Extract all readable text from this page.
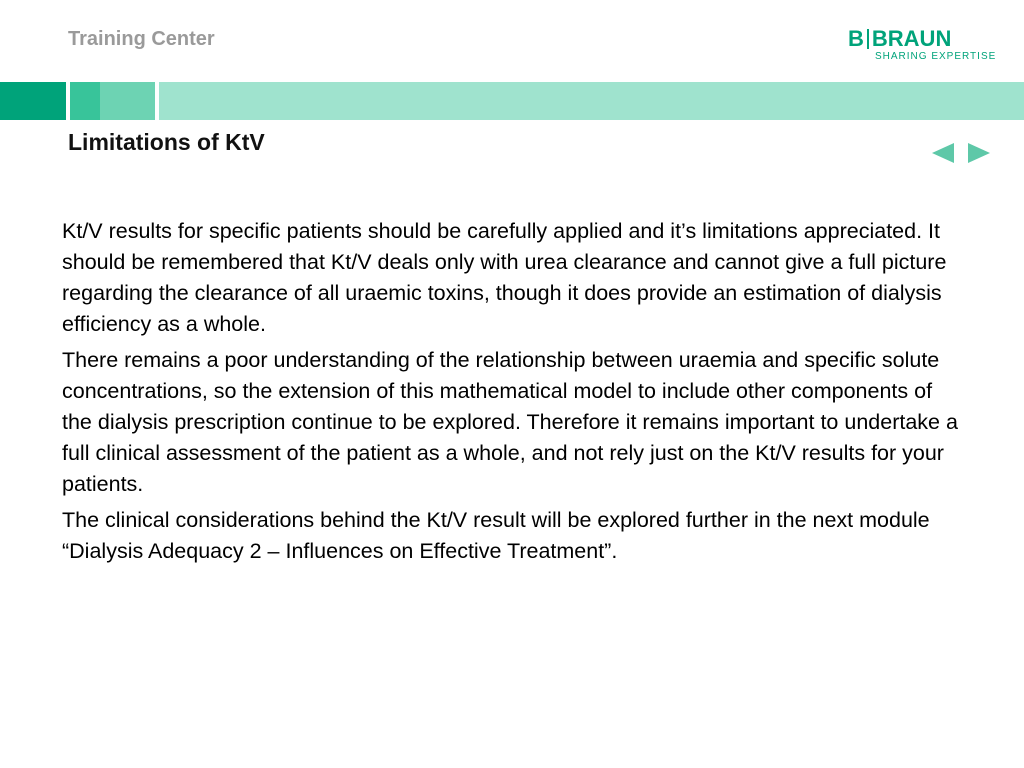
Training Center	B BRAUN
SHARING EXPERTISE
Limitations of KtV

Kt/V results for specific patients should be carefully applied and it’s limitations appreciated. It should be remembered that Kt/V deals only with urea clearance and cannot give a full picture regarding the clearance of all uraemic toxins, though it does provide an estimation of dialysis efficiency as a whole.

There remains a poor understanding of the relationship between uraemia and specific solute concentrations, so the extension of this mathematical model to include other components of the dialysis prescription continue to be explored. Therefore it remains important to undertake a full clinical assessment of the patient as a whole, and not rely just on the Kt/V results for your patients.

The clinical considerations behind the Kt/V result will be explored further in the next module “Dialysis Adequacy 2 – Influences on Effective Treatment”.
